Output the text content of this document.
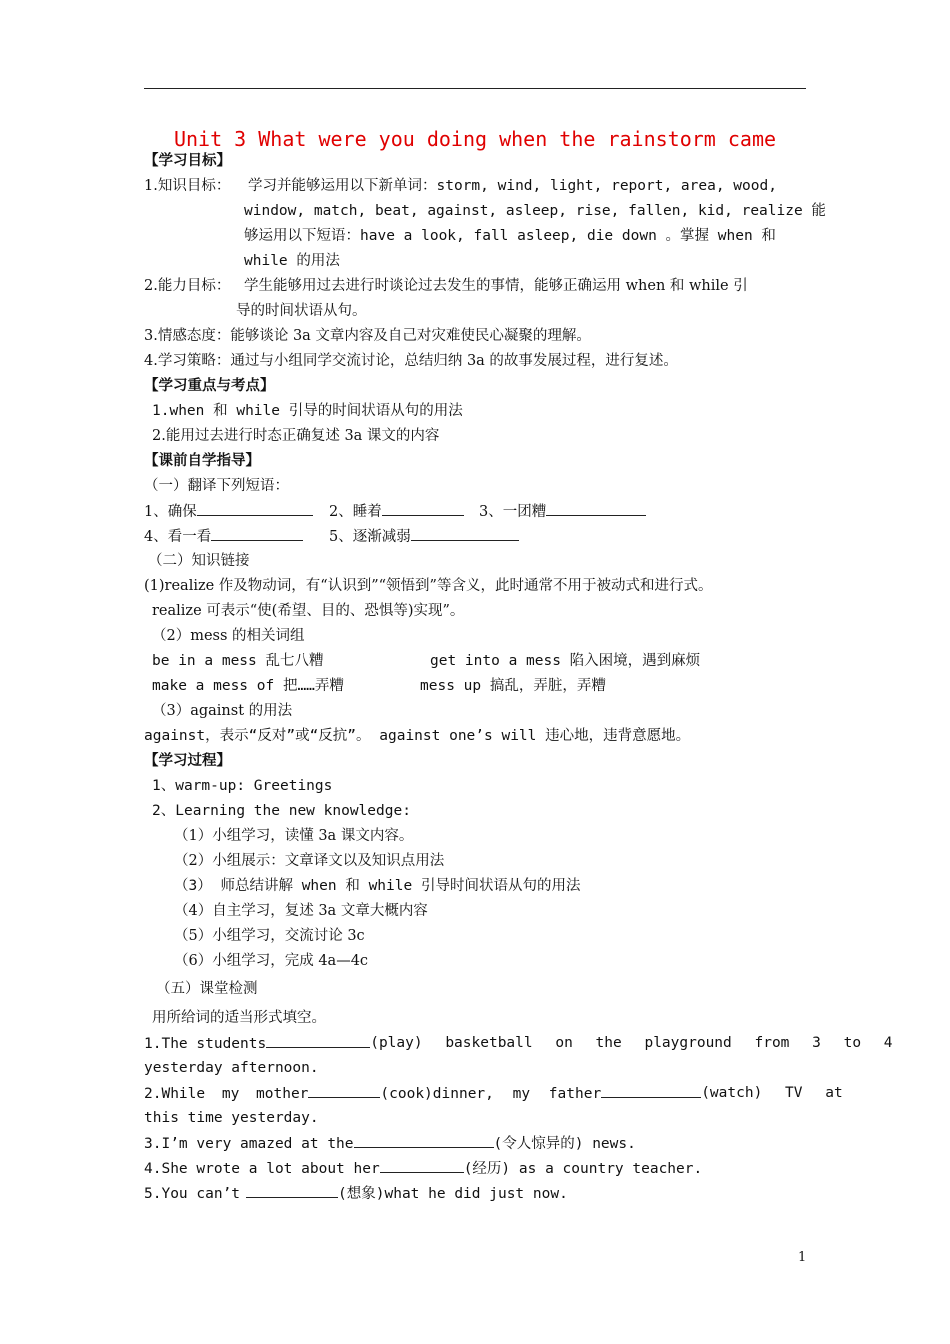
Unit 3 What were you doing when the rainstorm came
【学习目标】
1.知识目标： 学习并能够运用以下新单词：storm, wind, light, report, area, wood,
window, match, beat, against, asleep, rise, fallen, kid, realize 能
够运用以下短语：have a look, fall asleep, die down 。掌握 when 和
while 的用法
2.能力目标： 学生能够用过去进行时谈论过去发生的事情，能够正确运用 when 和 while 引
导的时间状语从句。
3.情感态度：能够谈论 3a 文章内容及自己对灾难使民心凝聚的理解。
4.学习策略：通过与小组同学交流讨论，总结归纳 3a 的故事发展过程，进行复述。
【学习重点与考点】
1.when 和 while 引导的时间状语从句的用法
2.能用过去进行时态正确复述 3a 课文的内容
【课前自学指导】
（一）翻译下列短语：
1、确保	2、睡着	3、一团糟
4、看一看	5、逐渐减弱
（二）知识链接
(1)realize 作及物动词，有“认识到”“领悟到”等含义，此时通常不用于被动式和进行式。
realize 可表示“使(希望、目的、恐惧等)实现”。
（2）mess 的相关词组
be in a mess 乱七八糟	get into a mess 陷入困境，遇到麻烦
make a mess of 把……弄糟	mess up 搞乱，弄脏，弄糟
（3）against 的用法
against，表示“反对”或“反抗”。 against one’s will 违心地，违背意愿地。
【学习过程】
1、warm-up: Greetings
2、Learning the new knowledge:
（1）小组学习，读懂 3a 课文内容。
（2）小组展示：文章译文以及知识点用法
（3） 师总结讲解 when 和 while 引导时间状语从句的用法
（4）自主学习，复述 3a 文章大概内容
（5）小组学习，交流讨论 3c
（6）小组学习，完成 4a—4c
（五）课堂检测
用所给词的适当形式填空。
1.The students	(play) basketball on the playground from 3 to 4
yesterday afternoon.
2.While my mother	(cook)dinner, my father	(watch) TV at
this time yesterday.
3.I’m very amazed at the	(令人惊异的) news.
4.She wrote a lot about her	(经历) as a country teacher.
5.You can’t	(想象)what he did just now.
1
